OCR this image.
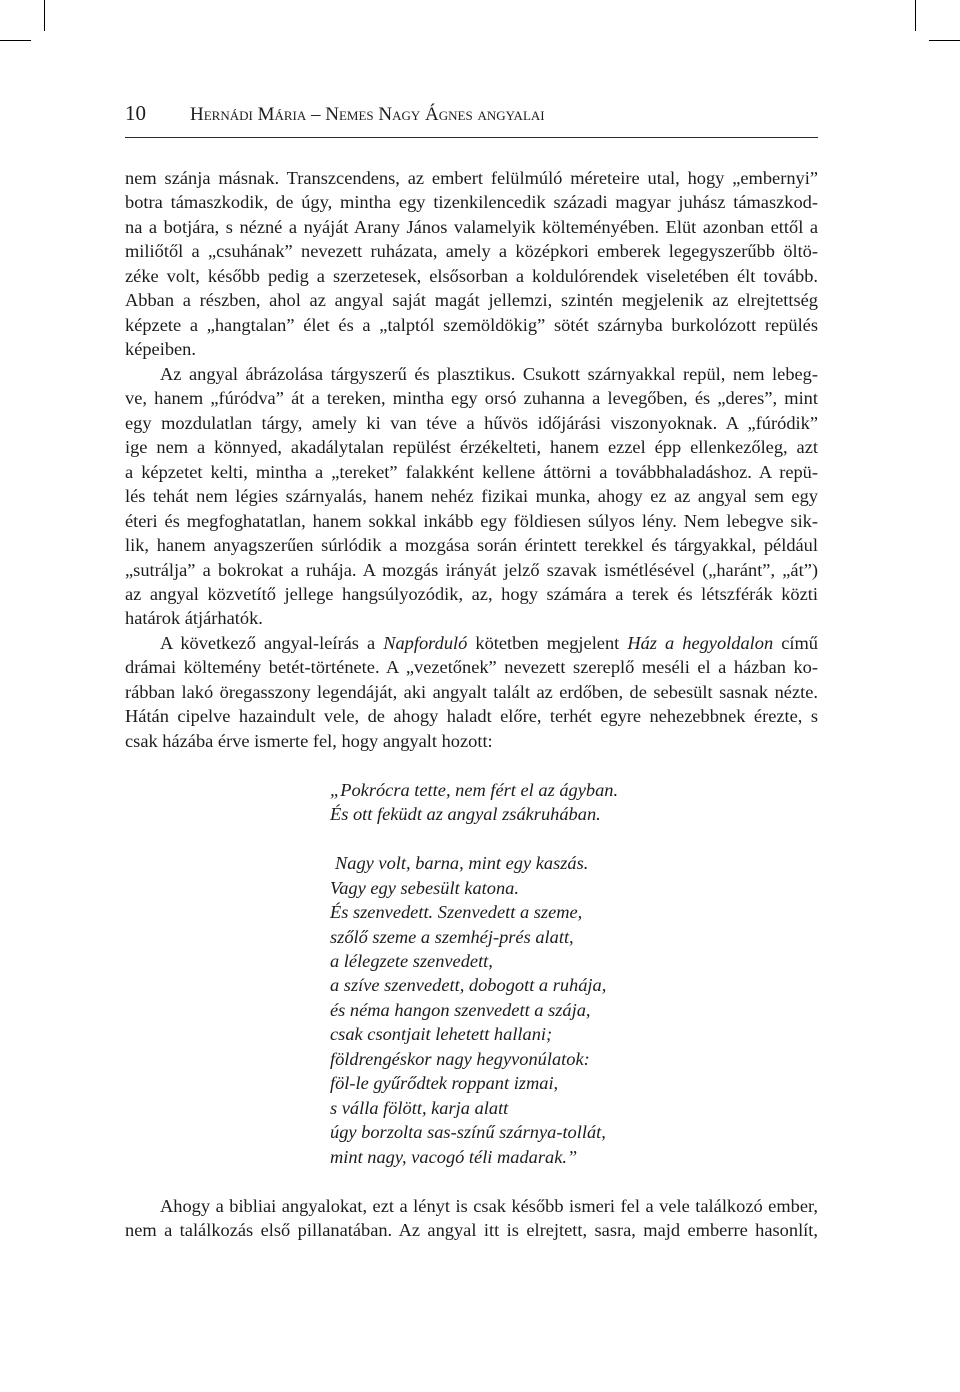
10 Hernádi Mária – Nemes Nagy Ágnes angyalai
nem szánja másnak. Transzcendens, az embert felülmúló méreteire utal, hogy „embernyi”
botra támaszkodik, de úgy, mintha egy tizenkilencedik századi magyar juhász támaszkod-
na a botjára, s nézné a nyáját Arany János valamelyik költeményében. Elüt azonban ettől a
miliőtől a „csuhának” nevezett ruházata, amely a középkori emberek legegyszerűbb öltö-
zéke volt, később pedig a szerzetesek, elsősorban a koldulórendek viseletében élt tovább.
Abban a részben, ahol az angyal saját magát jellemzi, szintén megjelenik az elrejtettség
képzete a „hangtalan” élet és a „talptól szemöldökig” sötét szárnyba burkolózott repülés
képeiben.
Az angyal ábrázolása tárgyszerű és plasztikus. Csukott szárnyakkal repül, nem lebeg-
ve, hanem „fúródva” át a tereken, mintha egy orsó zuhanna a levegőben, és „deres”, mint
egy mozdulatlan tárgy, amely ki van téve a hűvös időjárási viszonyoknak. A „fúródik”
ige nem a könnyed, akadálytalan repülést érzékelteti, hanem ezzel épp ellenkezőleg, azt
a képzetet kelti, mintha a „tereket” falakként kellene áttörni a továbbhaladáshoz. A repü-
lés tehát nem légies szárnyalás, hanem nehéz fizikai munka, ahogy ez az angyal sem egy
éteri és megfoghatatlan, hanem sokkal inkább egy földiesen súlyos lény. Nem lebegve sik-
lik, hanem anyagszerűen súrlódik a mozgása során érintett terekkel és tárgyakkal, például
„sutrálja” a bokrokat a ruhája. A mozgás irányát jelző szavak ismétlésével („haránt”, „át”)
az angyal közvetítő jellege hangsúlyozódik, az, hogy számára a terek és létszférák közti
határok átjárhatók.
A következő angyal-leírás a Napforduló kötetben megjelent Ház a hegyoldalon című
drámai költemény betét-története. A „vezetőnek” nevezett szereplő meséli el a házban ko-
rábban lakó öregasszony legendáját, aki angyalt talált az erdőben, de sebesült sasnak nézte.
Hátán cipelve hazaindult vele, de ahogy haladt előre, terhét egyre nehezebbnek érezte, s
csak házába érve ismerte fel, hogy angyalt hozott:
„Pokrócra tette, nem fért el az ágyban.
És ott feküdt az angyal zsákruhában.
Nagy volt, barna, mint egy kaszás.
Vagy egy sebesült katona.
És szenvedett. Szenvedett a szeme,
szőlő szeme a szemhéj-prés alatt,
a lélegzete szenvedett,
a szíve szenvedett, dobogott a ruhája,
és néma hangon szenvedett a szája,
csak csontjait lehetett hallani;
földrengéskor nagy hegyvonúlatok:
föl-le gyűrődtek roppant izmai,
s válla fölött, karja alatt
úgy borzolta sas-színű szárnya-tollát,
mint nagy, vacogó téli madarak.”
Ahogy a bibliai angyalokat, ezt a lényt is csak később ismeri fel a vele találkozó ember,
nem a találkozás első pillanatában. Az angyal itt is elrejtett, sasra, majd emberre hasonlít,
